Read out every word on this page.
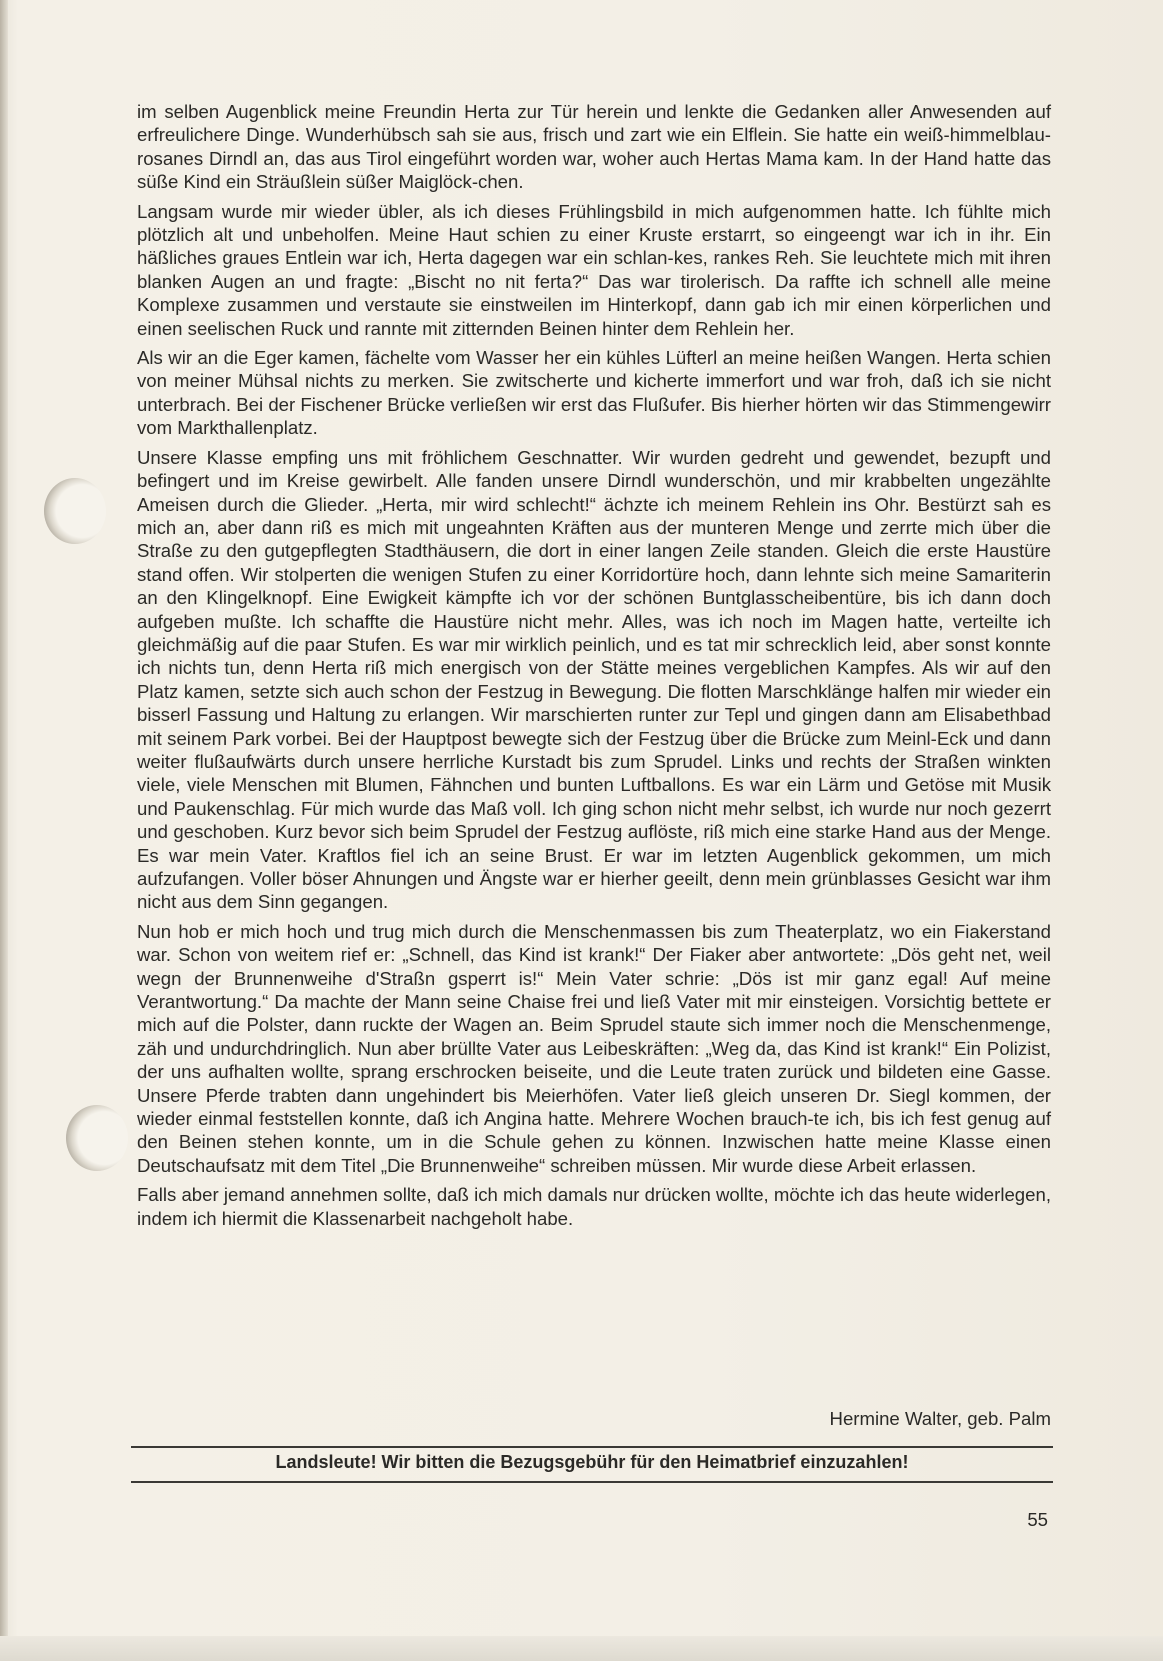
im selben Augenblick meine Freundin Herta zur Tür herein und lenkte die Gedanken aller Anwesenden auf erfreulichere Dinge. Wunderhübsch sah sie aus, frisch und zart wie ein Elflein. Sie hatte ein weiß-himmelblau-rosanes Dirndl an, das aus Tirol eingeführt worden war, woher auch Hertas Mama kam. In der Hand hatte das süße Kind ein Sträußlein süßer Maiglöck-chen.

Langsam wurde mir wieder übler, als ich dieses Frühlingsbild in mich aufgenommen hatte. Ich fühlte mich plötzlich alt und unbeholfen. Meine Haut schien zu einer Kruste erstarrt, so eingeengt war ich in ihr. Ein häßliches graues Entlein war ich, Herta dagegen war ein schlan-kes, rankes Reh. Sie leuchtete mich mit ihren blanken Augen an und fragte: „Bischt no nit ferta?“ Das war tirolerisch. Da raffte ich schnell alle meine Komplexe zusammen und verstaute sie einstweilen im Hinterkopf, dann gab ich mir einen körperlichen und einen seelischen Ruck und rannte mit zitternden Beinen hinter dem Rehlein her.

Als wir an die Eger kamen, fächelte vom Wasser her ein kühles Lüfterl an meine heißen Wangen. Herta schien von meiner Mühsal nichts zu merken. Sie zwitscherte und kicherte immerfort und war froh, daß ich sie nicht unterbrach. Bei der Fischener Brücke verließen wir erst das Flußufer. Bis hierher hörten wir das Stimmengewirr vom Markthallenplatz.

Unsere Klasse empfing uns mit fröhlichem Geschnatter. Wir wurden gedreht und gewendet, bezupft und befingert und im Kreise gewirbelt. Alle fanden unsere Dirndl wunderschön, und mir krabbelten ungezählte Ameisen durch die Glieder. „Herta, mir wird schlecht!“ ächzte ich meinem Rehlein ins Ohr. Bestürzt sah es mich an, aber dann riß es mich mit ungeahnten Kräften aus der munteren Menge und zerrte mich über die Straße zu den gutgepflegten Stadthäusern, die dort in einer langen Zeile standen. Gleich die erste Haustüre stand offen. Wir stolperten die wenigen Stufen zu einer Korridortüre hoch, dann lehnte sich meine Samariterin an den Klingelknopf. Eine Ewigkeit kämpfte ich vor der schönen Buntglasscheibentüre, bis ich dann doch aufgeben mußte. Ich schaffte die Haustüre nicht mehr. Alles, was ich noch im Magen hatte, verteilte ich gleichmäßig auf die paar Stufen. Es war mir wirklich peinlich, und es tat mir schrecklich leid, aber sonst konnte ich nichts tun, denn Herta riß mich energisch von der Stätte meines vergeblichen Kampfes. Als wir auf den Platz kamen, setzte sich auch schon der Festzug in Bewegung. Die flotten Marschklänge halfen mir wieder ein bisserl Fassung und Haltung zu erlangen. Wir marschierten runter zur Tepl und gingen dann am Elisabethbad mit seinem Park vorbei. Bei der Hauptpost bewegte sich der Festzug über die Brücke zum Meinl-Eck und dann weiter flußaufwärts durch unsere herrliche Kurstadt bis zum Sprudel. Links und rechts der Straßen winkten viele, viele Menschen mit Blumen, Fähnchen und bunten Luftballons. Es war ein Lärm und Getöse mit Musik und Paukenschlag. Für mich wurde das Maß voll. Ich ging schon nicht mehr selbst, ich wurde nur noch gezerrt und geschoben. Kurz bevor sich beim Sprudel der Festzug auflöste, riß mich eine starke Hand aus der Menge. Es war mein Vater. Kraftlos fiel ich an seine Brust. Er war im letzten Augenblick gekommen, um mich aufzufangen. Voller böser Ahnungen und Ängste war er hierher geeilt, denn mein grünblasses Gesicht war ihm nicht aus dem Sinn gegangen.

Nun hob er mich hoch und trug mich durch die Menschenmassen bis zum Theaterplatz, wo ein Fiakerstand war. Schon von weitem rief er: „Schnell, das Kind ist krank!“ Der Fiaker aber antwortete: „Dös geht net, weil wegn der Brunnenweihe d'Straßn gsperrt is!“ Mein Vater schrie: „Dös ist mir ganz egal! Auf meine Verantwortung.“ Da machte der Mann seine Chaise frei und ließ Vater mit mir einsteigen. Vorsichtig bettete er mich auf die Polster, dann ruckte der Wagen an. Beim Sprudel staute sich immer noch die Menschenmenge, zäh und undurchdringlich. Nun aber brüllte Vater aus Leibeskräften: „Weg da, das Kind ist krank!“ Ein Polizist, der uns aufhalten wollte, sprang erschrocken beiseite, und die Leute traten zurück und bildeten eine Gasse. Unsere Pferde trabten dann ungehindert bis Meierhöfen. Vater ließ gleich unseren Dr. Siegl kommen, der wieder einmal feststellen konnte, daß ich Angina hatte. Mehrere Wochen brauch-te ich, bis ich fest genug auf den Beinen stehen konnte, um in die Schule gehen zu können. Inzwischen hatte meine Klasse einen Deutschaufsatz mit dem Titel „Die Brunnenweihe“ schreiben müssen. Mir wurde diese Arbeit erlassen.

Falls aber jemand annehmen sollte, daß ich mich damals nur drücken wollte, möchte ich das heute widerlegen, indem ich hiermit die Klassenarbeit nachgeholt habe.

Hermine Walter, geb. Palm
Landsleute! Wir bitten die Bezugsgebühr für den Heimatbrief einzuzahlen!
55
